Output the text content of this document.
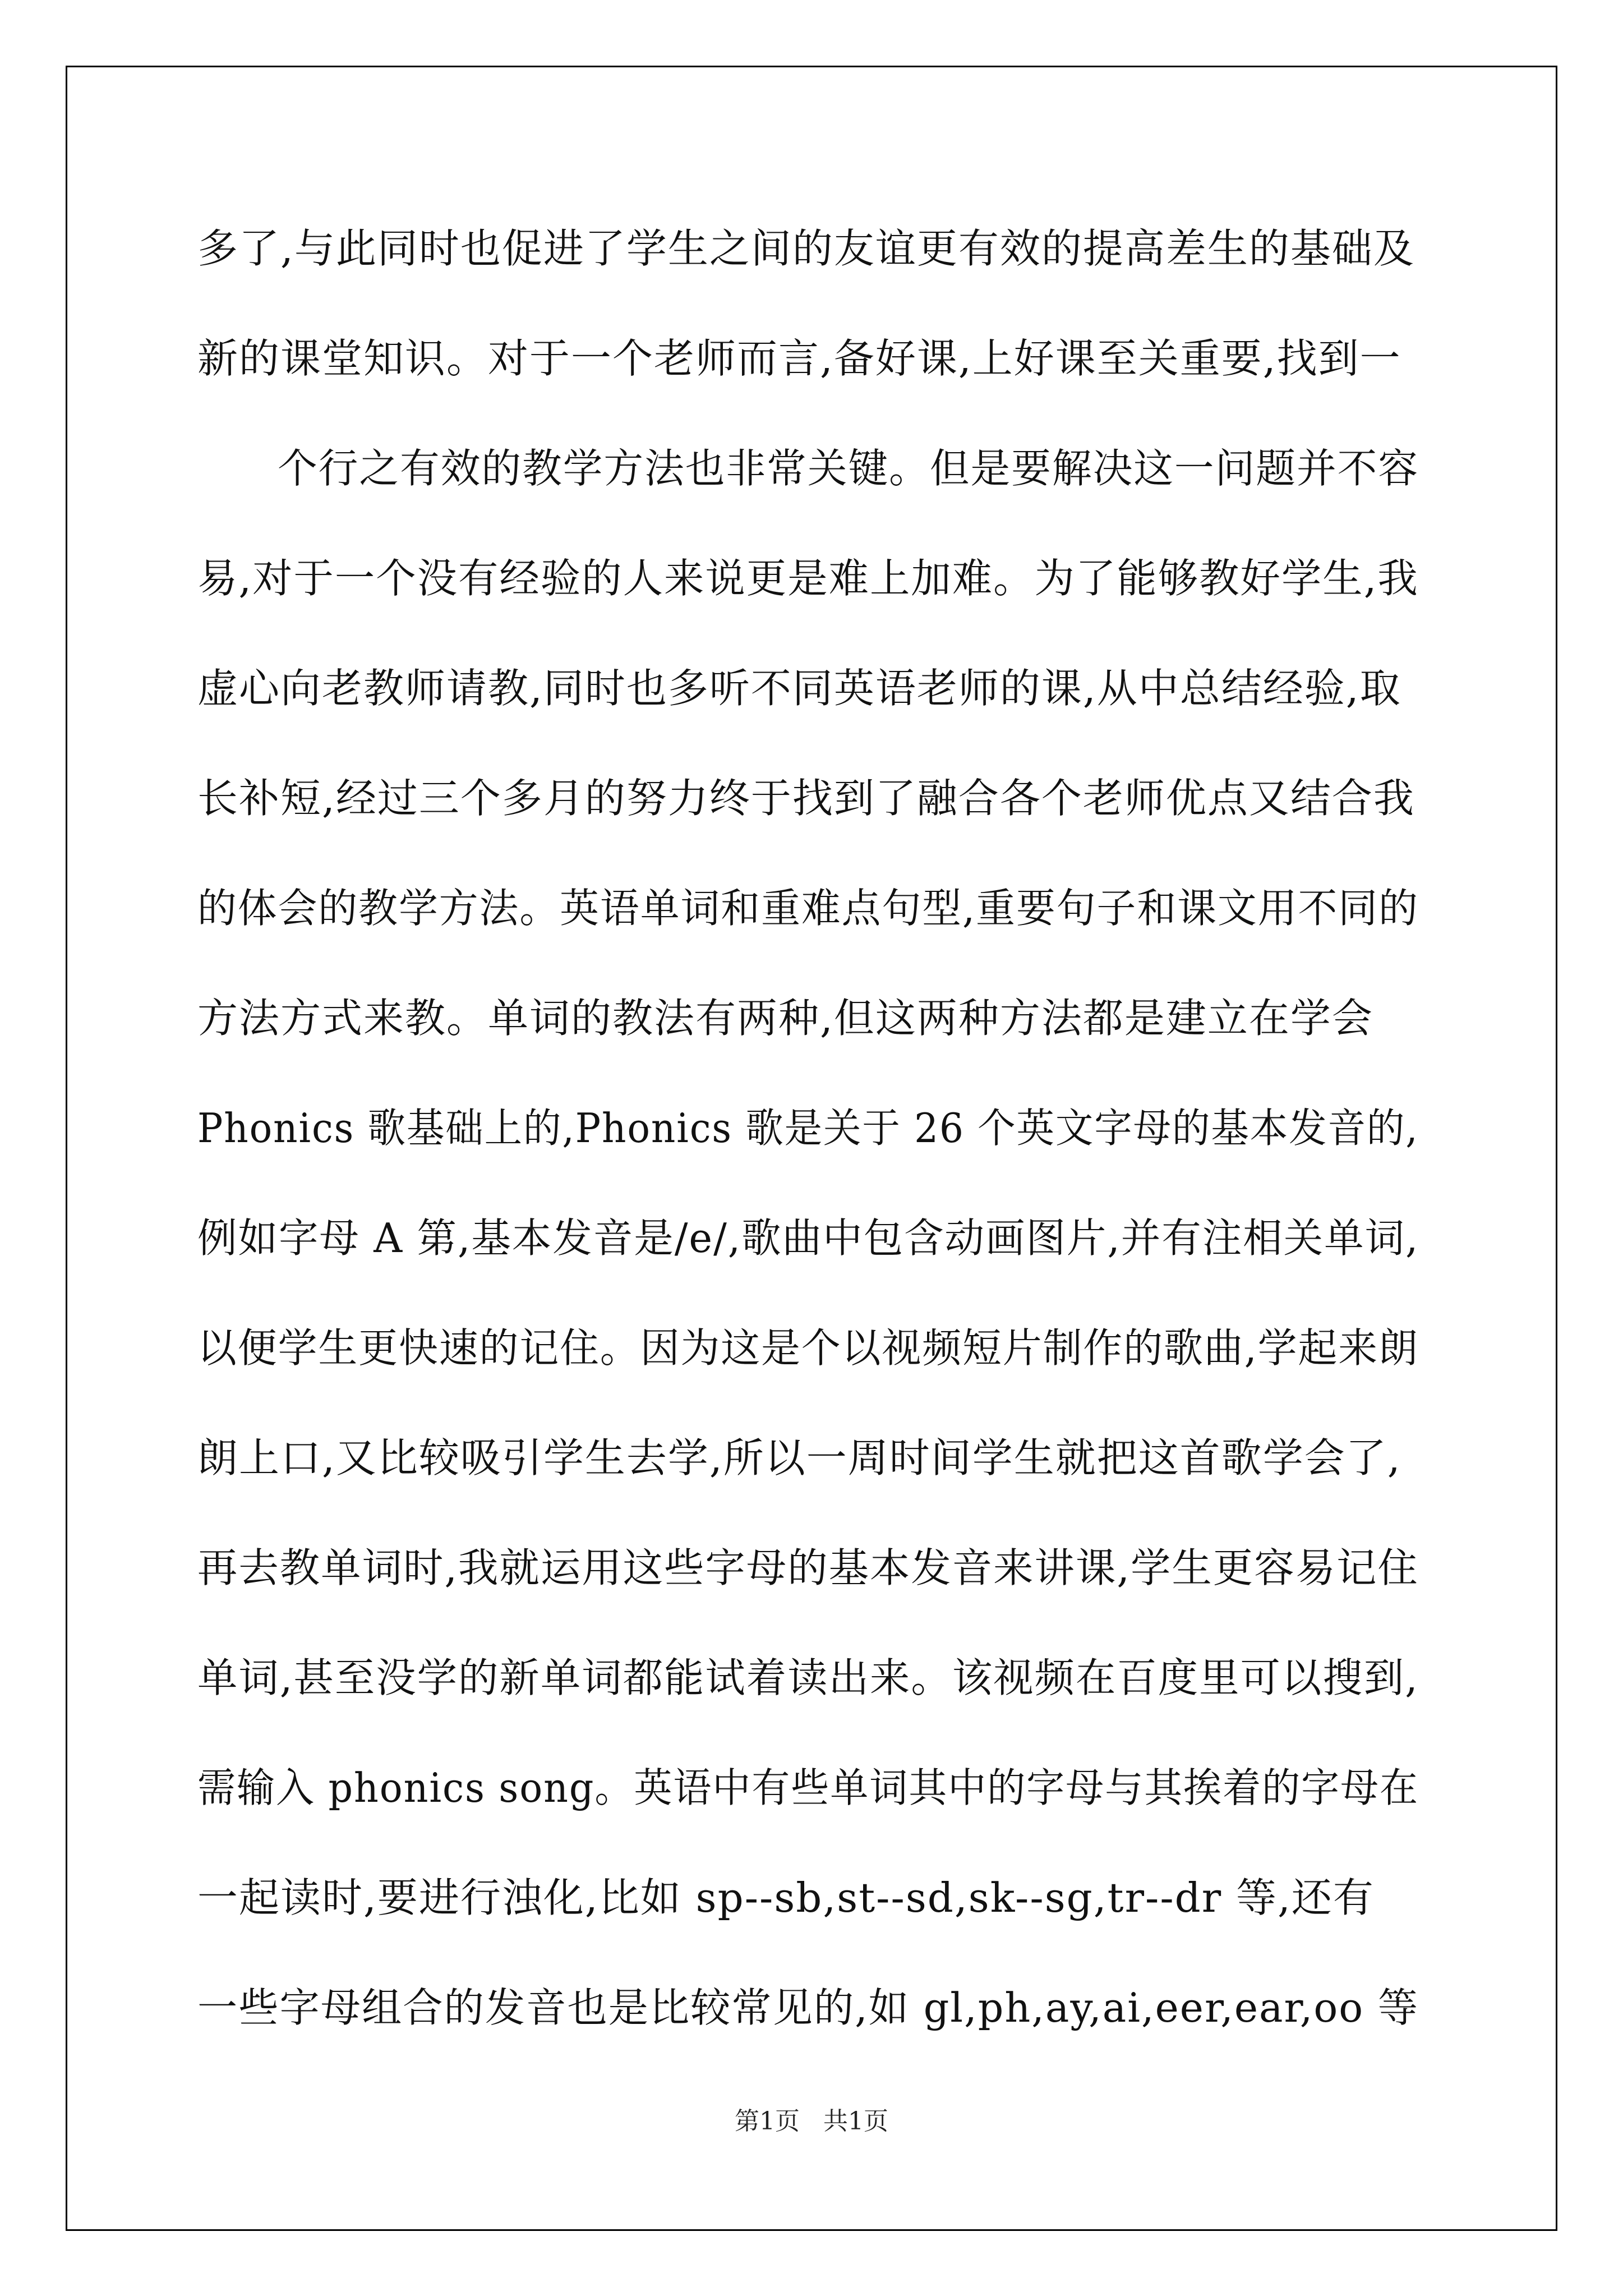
多了,与此同时也促进了学生之间的友谊更有效的提高差生的基础及
新的课堂知识。对于一个老师而言,备好课,上好课至关重要,找到一
个行之有效的教学方法也非常关键。但是要解决这一问题并不容
易,对于一个没有经验的人来说更是难上加难。为了能够教好学生,我
虚心向老教师请教,同时也多听不同英语老师的课,从中总结经验,取
长补短,经过三个多月的努力终于找到了融合各个老师优点又结合我
的体会的教学方法。英语单词和重难点句型,重要句子和课文用不同的
方法方式来教。单词的教法有两种,但这两种方法都是建立在学会
Phonics 歌基础上的,Phonics 歌是关于 26 个英文字母的基本发音的,
例如字母 A 第,基本发音是/e/,歌曲中包含动画图片,并有注相关单词,
以便学生更快速的记住。因为这是个以视频短片制作的歌曲,学起来朗
朗上口,又比较吸引学生去学,所以一周时间学生就把这首歌学会了,
再去教单词时,我就运用这些字母的基本发音来讲课,学生更容易记住
单词,甚至没学的新单词都能试着读出来。该视频在百度里可以搜到,
需输入 phonics song。英语中有些单词其中的字母与其挨着的字母在
一起读时,要进行浊化,比如 sp--sb,st--sd,sk--sg,tr--dr 等,还有
一些字母组合的发音也是比较常见的,如 gl,ph,ay,ai,eer,ear,oo 等
第1页   共1页
